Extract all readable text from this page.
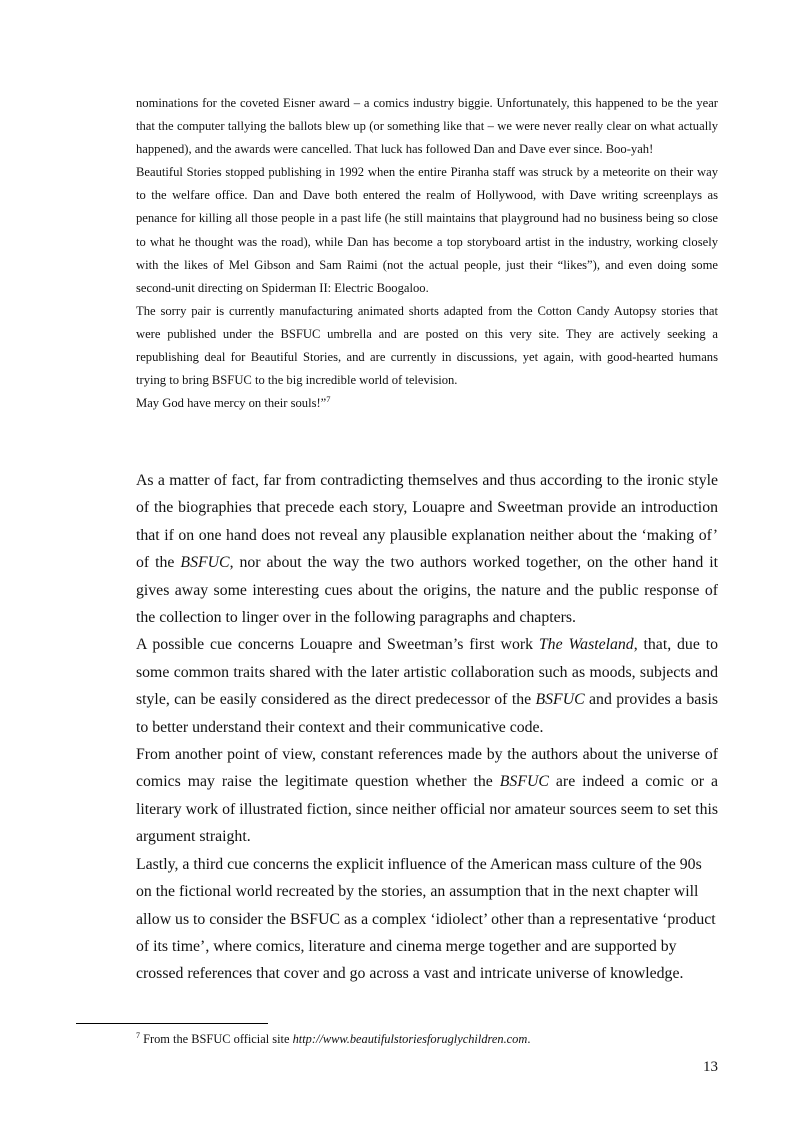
nominations for the coveted Eisner award – a comics industry biggie. Unfortunately, this happened to be the year that the computer tallying the ballots blew up (or something like that – we were never really clear on what actually happened), and the awards were cancelled. That luck has followed Dan and Dave ever since. Boo-yah!

Beautiful Stories stopped publishing in 1992 when the entire Piranha staff was struck by a meteorite on their way to the welfare office. Dan and Dave both entered the realm of Hollywood, with Dave writing screenplays as penance for killing all those people in a past life (he still maintains that playground had no business being so close to what he thought was the road), while Dan has become a top storyboard artist in the industry, working closely with the likes of Mel Gibson and Sam Raimi (not the actual people, just their “likes”), and even doing some second-unit directing on Spiderman II: Electric Boogaloo.

The sorry pair is currently manufacturing animated shorts adapted from the Cotton Candy Autopsy stories that were published under the BSFUC umbrella and are posted on this very site. They are actively seeking a republishing deal for Beautiful Stories, and are currently in discussions, yet again, with good-hearted humans trying to bring BSFUC to the big incredible world of television.

May God have mercy on their souls!”$^7$

As a matter of fact, far from contradicting themselves and thus according to the ironic style of the biographies that precede each story, Louapre and Sweetman provide an introduction that if on one hand does not reveal any plausible explanation neither about the ‘making of’ of the BSFUC, nor about the way the two authors worked together, on the other hand it gives away some interesting cues about the origins, the nature and the public response of the collection to linger over in the following paragraphs and chapters.

A possible cue concerns Louapre and Sweetman’s first work The Wasteland, that, due to some common traits shared with the later artistic collaboration such as moods, subjects and style, can be easily considered as the direct predecessor of the BSFUC and provides a basis to better understand their context and their communicative code.

From another point of view, constant references made by the authors about the universe of comics may raise the legitimate question whether the BSFUC are indeed a comic or a literary work of illustrated fiction, since neither official nor amateur sources seem to set this argument straight.

Lastly, a third cue concerns the explicit influence of the American mass culture of the 90s on the fictional world recreated by the stories, an assumption that in the next chapter will allow us to consider the BSFUC as a complex ‘idiolect’ other than a representative ‘product of its time’, where comics, literature and cinema merge together and are supported by crossed references that cover and go across a vast and intricate universe of knowledge.

$^7$ From the BSFUC official site http://www.beautifulstoriesforuglychildren.com.
13
